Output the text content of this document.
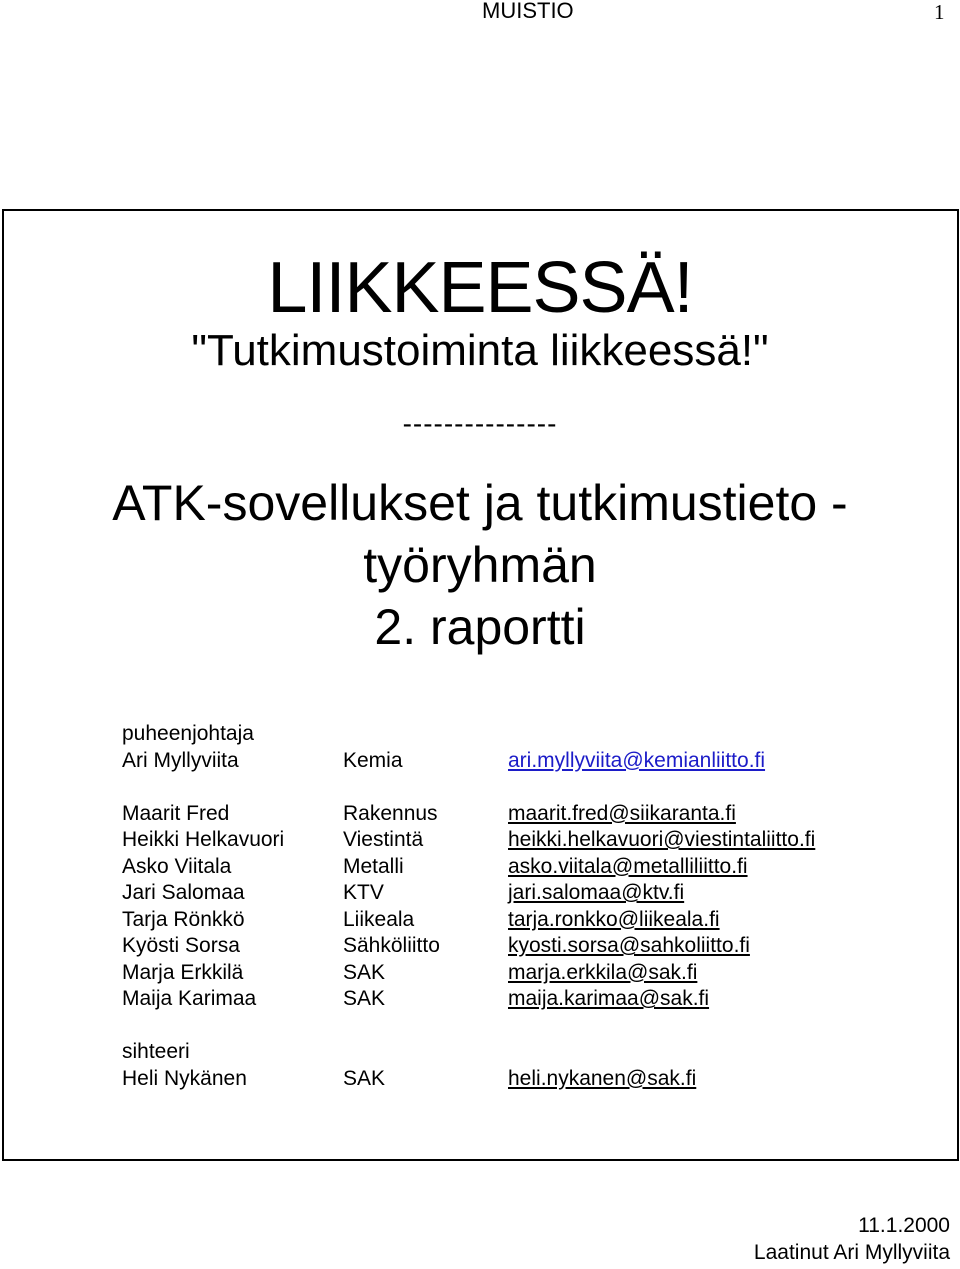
MUISTIO	1
LIIKKEESSÄ!
"Tutkimustoiminta liikkeessä!"
---------------
ATK-sovellukset ja tutkimustieto -
työryhmän
2. raportti
puheenjohtaja
Ari Myllyviita	Kemia	ari.myllyviita@kemianliitto.fi
Maarit Fred	Rakennus	maarit.fred@siikaranta.fi
Heikki Helkavuori	Viestintä	heikki.helkavuori@viestintaliitto.fi
Asko Viitala	Metalli	asko.viitala@metalliliitto.fi
Jari Salomaa	KTV	jari.salomaa@ktv.fi
Tarja Rönkkö	Liikeala	tarja.ronkko@liikeala.fi
Kyösti Sorsa	Sähköliitto	kyosti.sorsa@sahkoliitto.fi
Marja Erkkilä	SAK	marja.erkkila@sak.fi
Maija Karimaa	SAK	maija.karimaa@sak.fi
sihteeri
Heli Nykänen	SAK	heli.nykanen@sak.fi
11.1.2000
Laatinut Ari Myllyviita
